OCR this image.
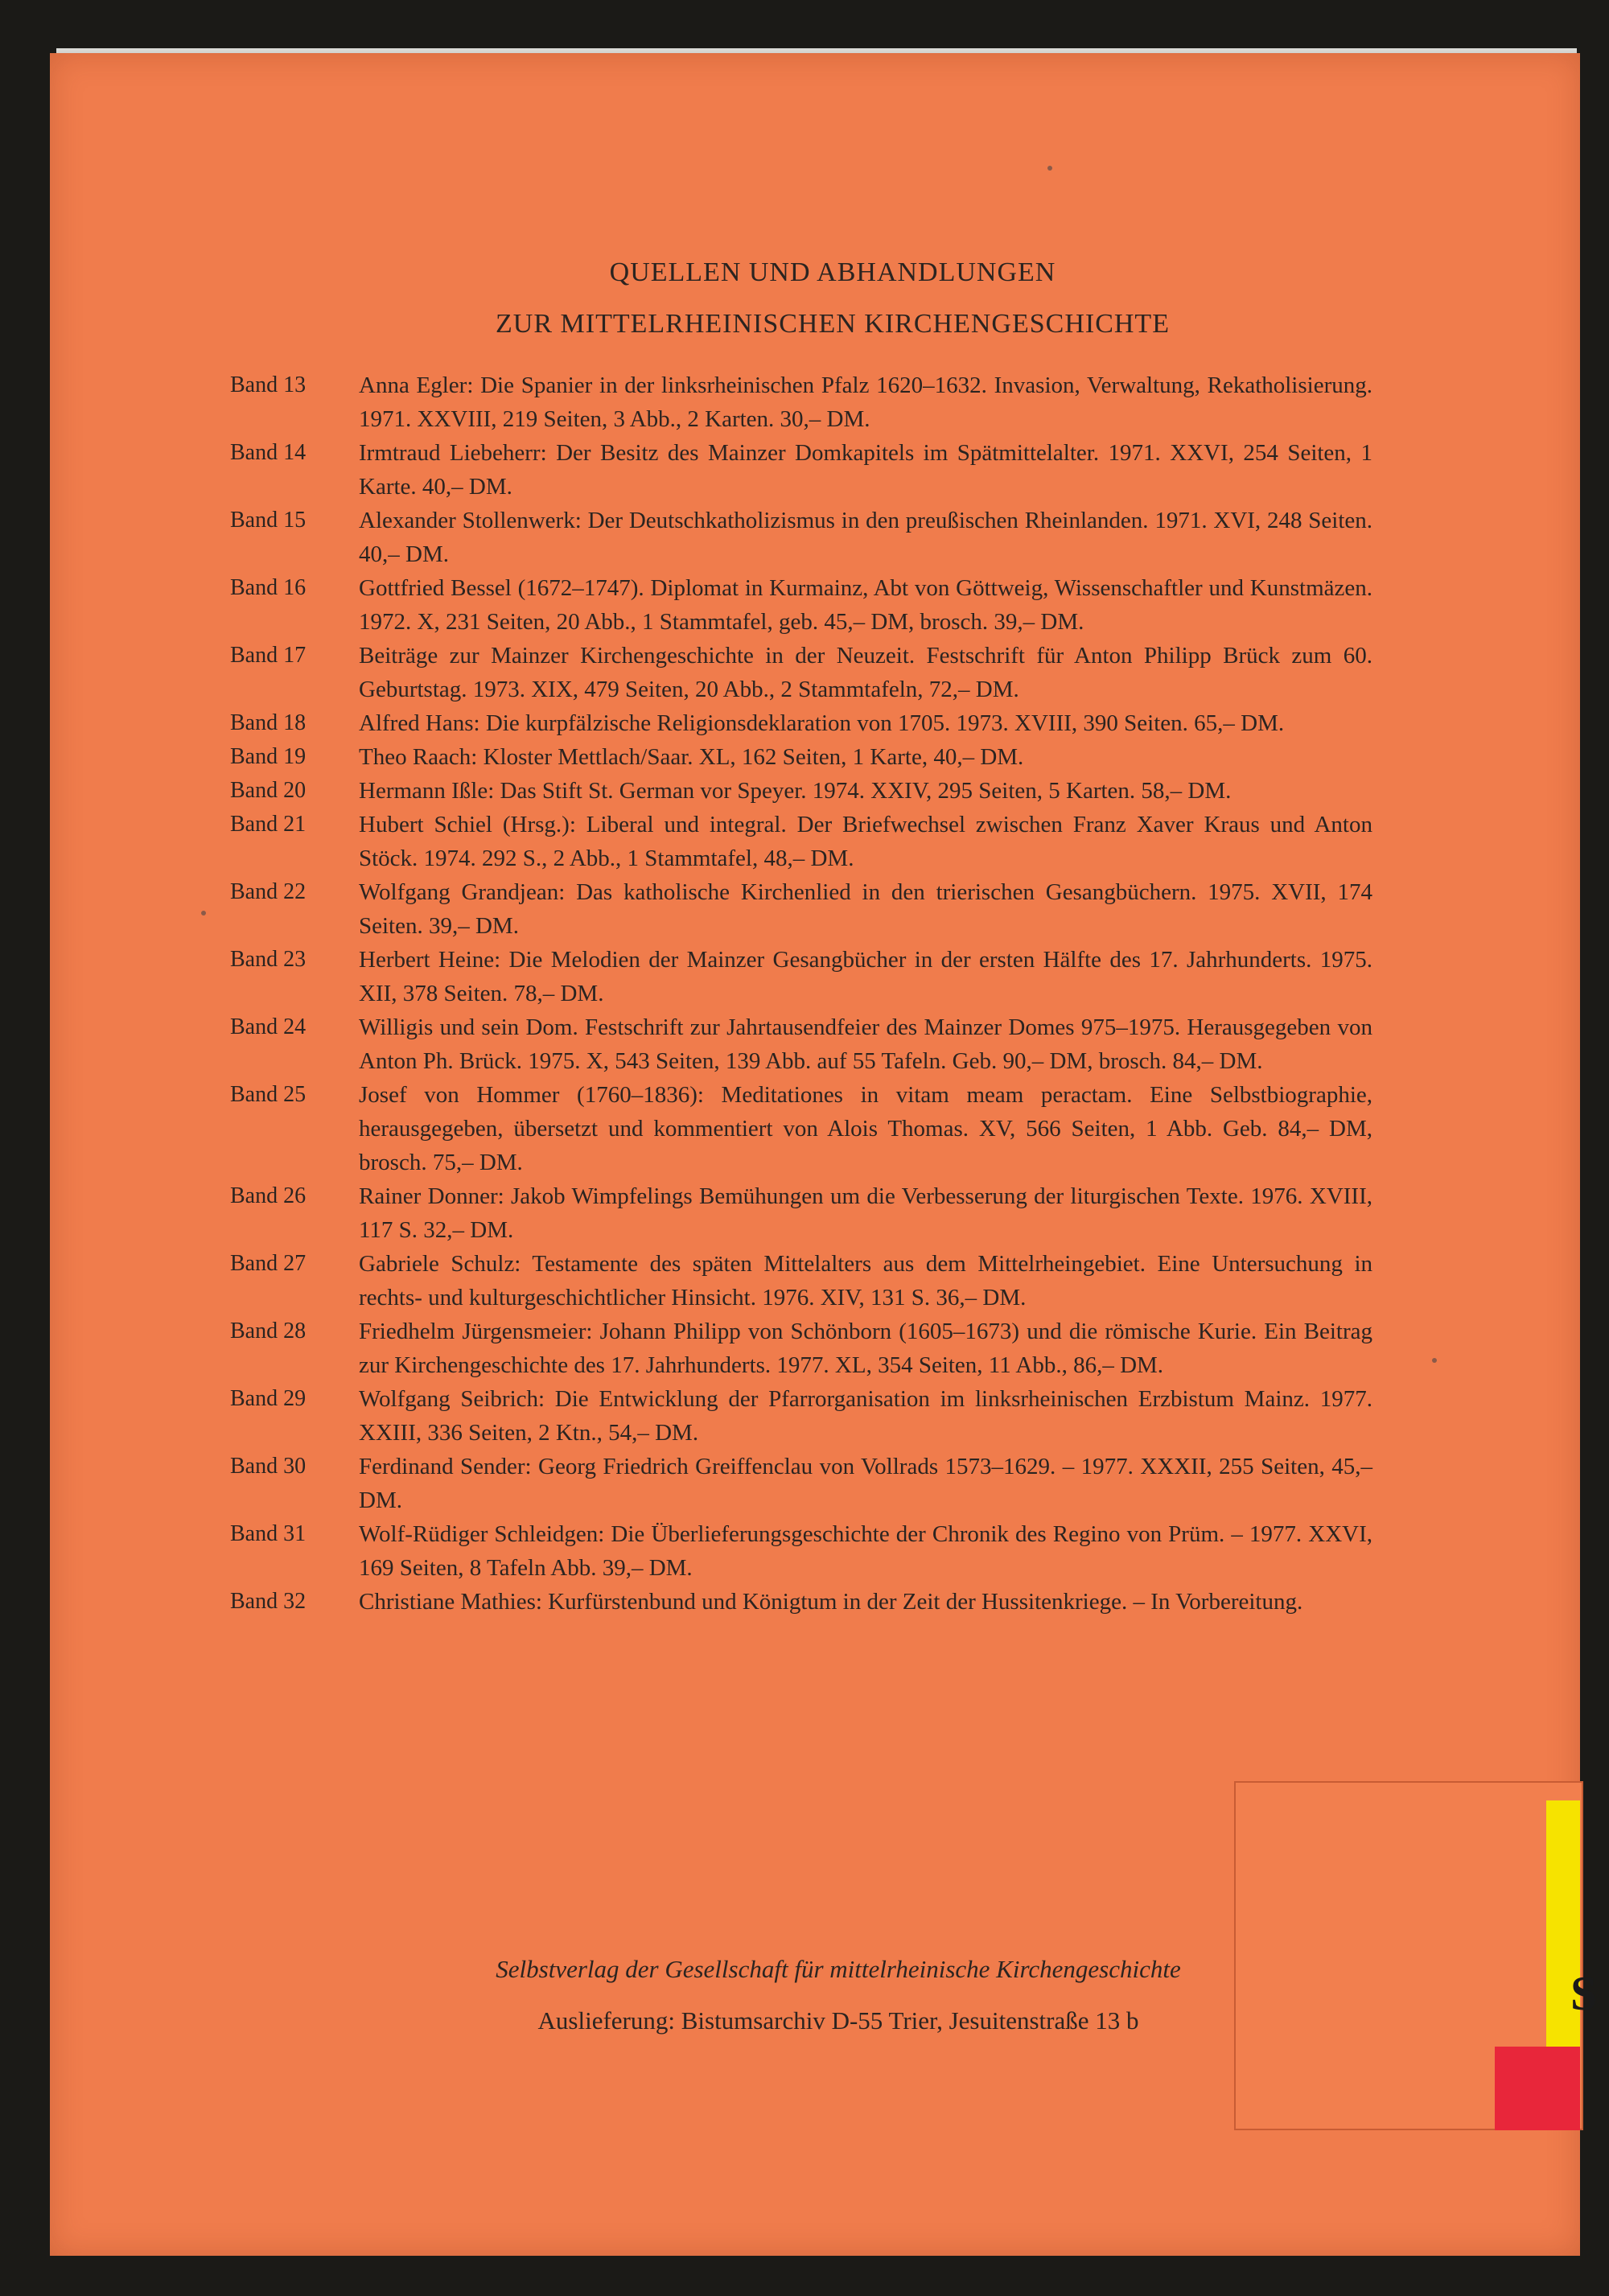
QUELLEN UND ABHANDLUNGEN
ZUR MITTELRHEINISCHEN KIRCHENGESCHICHTE
Band 13	Anna Egler: Die Spanier in der linksrheinischen Pfalz 1620–1632. Invasion, Verwaltung, Rekatholisierung. 1971. XXVIII, 219 Seiten, 3 Abb., 2 Karten. 30,– DM.
Band 14	Irmtraud Liebeherr: Der Besitz des Mainzer Domkapitels im Spätmittelalter. 1971. XXVI, 254 Seiten, 1 Karte. 40,– DM.
Band 15	Alexander Stollenwerk: Der Deutschkatholizismus in den preußischen Rheinlanden. 1971. XVI, 248 Seiten. 40,– DM.
Band 16	Gottfried Bessel (1672–1747). Diplomat in Kurmainz, Abt von Göttweig, Wissenschaftler und Kunstmäzen. 1972. X, 231 Seiten, 20 Abb., 1 Stammtafel, geb. 45,– DM, brosch. 39,– DM.
Band 17	Beiträge zur Mainzer Kirchengeschichte in der Neuzeit. Festschrift für Anton Philipp Brück zum 60. Geburtstag. 1973. XIX, 479 Seiten, 20 Abb., 2 Stammtafeln, 72,– DM.
Band 18	Alfred Hans: Die kurpfälzische Religionsdeklaration von 1705. 1973. XVIII, 390 Seiten. 65,– DM.
Band 19	Theo Raach: Kloster Mettlach/Saar. XL, 162 Seiten, 1 Karte, 40,– DM.
Band 20	Hermann Ißle: Das Stift St. German vor Speyer. 1974. XXIV, 295 Seiten, 5 Karten. 58,– DM.
Band 21	Hubert Schiel (Hrsg.): Liberal und integral. Der Briefwechsel zwischen Franz Xaver Kraus und Anton Stöck. 1974. 292 S., 2 Abb., 1 Stammtafel, 48,– DM.
Band 22	Wolfgang Grandjean: Das katholische Kirchenlied in den trierischen Gesangbüchern. 1975. XVII, 174 Seiten. 39,– DM.
Band 23	Herbert Heine: Die Melodien der Mainzer Gesangbücher in der ersten Hälfte des 17. Jahrhunderts. 1975. XII, 378 Seiten. 78,– DM.
Band 24	Willigis und sein Dom. Festschrift zur Jahrtausendfeier des Mainzer Domes 975–1975. Herausgegeben von Anton Ph. Brück. 1975. X, 543 Seiten, 139 Abb. auf 55 Tafeln. Geb. 90,– DM, brosch. 84,– DM.
Band 25	Josef von Hommer (1760–1836): Meditationes in vitam meam peractam. Eine Selbstbiographie, herausgegeben, übersetzt und kommentiert von Alois Thomas. XV, 566 Seiten, 1 Abb. Geb. 84,– DM, brosch. 75,– DM.
Band 26	Rainer Donner: Jakob Wimpfelings Bemühungen um die Verbesserung der liturgischen Texte. 1976. XVIII, 117 S. 32,– DM.
Band 27	Gabriele Schulz: Testamente des späten Mittelalters aus dem Mittelrheingebiet. Eine Untersuchung in rechts- und kulturgeschichtlicher Hinsicht. 1976. XIV, 131 S. 36,– DM.
Band 28	Friedhelm Jürgensmeier: Johann Philipp von Schönborn (1605–1673) und die römische Kurie. Ein Beitrag zur Kirchengeschichte des 17. Jahrhunderts. 1977. XL, 354 Seiten, 11 Abb., 86,– DM.
Band 29	Wolfgang Seibrich: Die Entwicklung der Pfarrorganisation im linksrheinischen Erzbistum Mainz. 1977. XXIII, 336 Seiten, 2 Ktn., 54,– DM.
Band 30	Ferdinand Sender: Georg Friedrich Greiffenclau von Vollrads 1573–1629. – 1977. XXXII, 255 Seiten, 45,– DM.
Band 31	Wolf-Rüdiger Schleidgen: Die Überlieferungsgeschichte der Chronik des Regino von Prüm. – 1977. XXVI, 169 Seiten, 8 Tafeln Abb. 39,– DM.
Band 32	Christiane Mathies: Kurfürstenbund und Königtum in der Zeit der Hussitenkriege. – In Vorbereitung.
Selbstverlag der Gesellschaft für mittelrheinische Kirchengeschichte
Auslieferung: Bistumsarchiv D-55 Trier, Jesuitenstraße 13 b
S
